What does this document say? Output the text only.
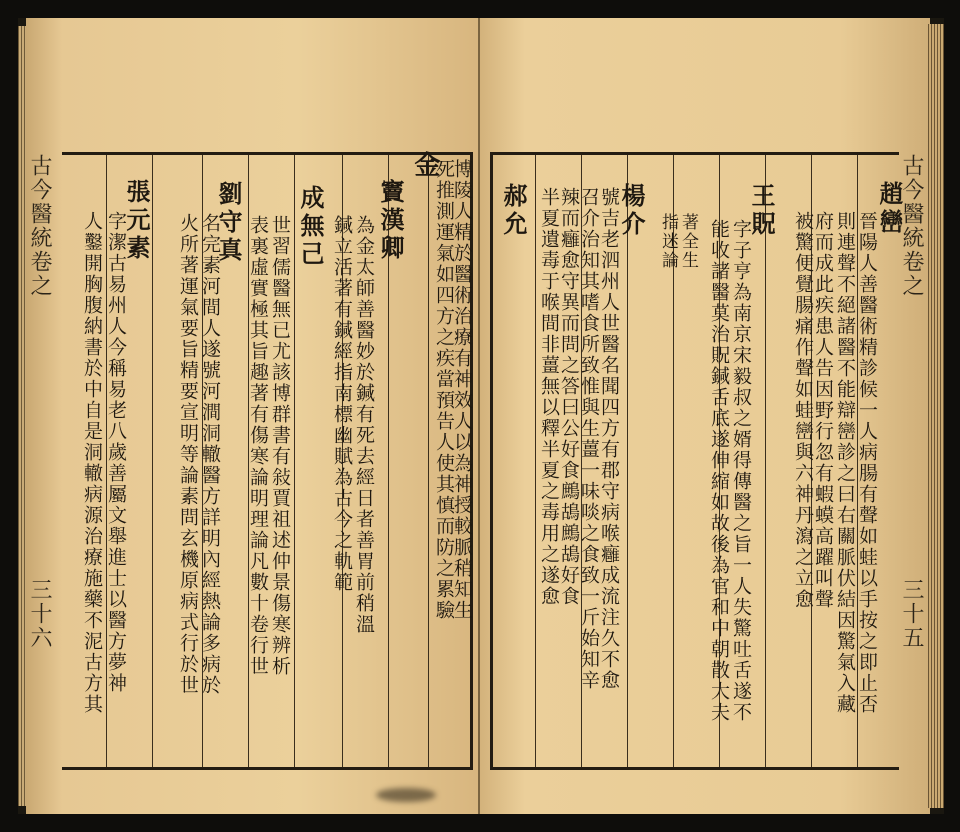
古今醫統卷之
三十六 人鑿開胸腹納書於中自是洞轍病源治療施藥不泥古方其 字潔古易州人今稱易老八歲善屬文舉進士以醫方夢神
張元素 火所著運氣要旨精要宣明等論素問玄機原病式行於世 名完素河間人遂號河澗洞轍醫方詳明內經熱論多病於
劉守真 表裏虛實極其旨趣著有傷寒論明理論凡數十卷行世 世習儒醫無已尤該博群書有敍賈祖述仲景傷寒辨析 成無己 鍼立活著有鍼經指南標幽賦為古今之軌範 為金太師善醫妙於鍼有死去經日者善胃前稍溫 竇漢卿
金
死推測運氣如四方之疾當預告人使其慎而防之累驗
博陵人精於醫術治療有神效人以為神授較脈稍知生 郝允 半夏遺毒于喉間非薑無以釋半夏之毒用之遂愈
辣而癰愈守異而問之答曰公好食鷓鴣鷓鴣好食
召介治知其嗜食所致惟與生薑一味啖之食致一斤始知辛
號吉老泗州人世醫名聞四方有郡守病喉癰成流注久不愈
楊介
指迷論 著全生 能收諸醫莫治貺鍼舌底遂伸縮如故後為官和中朝散大夫 字子亨為南京宋毅叔之婿得傳醫之旨一人失驚吐舌遂不
王貺 被驚便覺腸痛作聲如蛙巒與六神丹瀉之立愈
府而成此疾患人告因野行忽有蝦蟆高躍叫聲 則連聲不絕諸醫不能辯巒診之曰右關脈伏結因驚氣入藏 晉陽人善醫術精診候一人病腸有聲如蛙以手按之即止否
趙巒
古今醫統卷之
三十五
